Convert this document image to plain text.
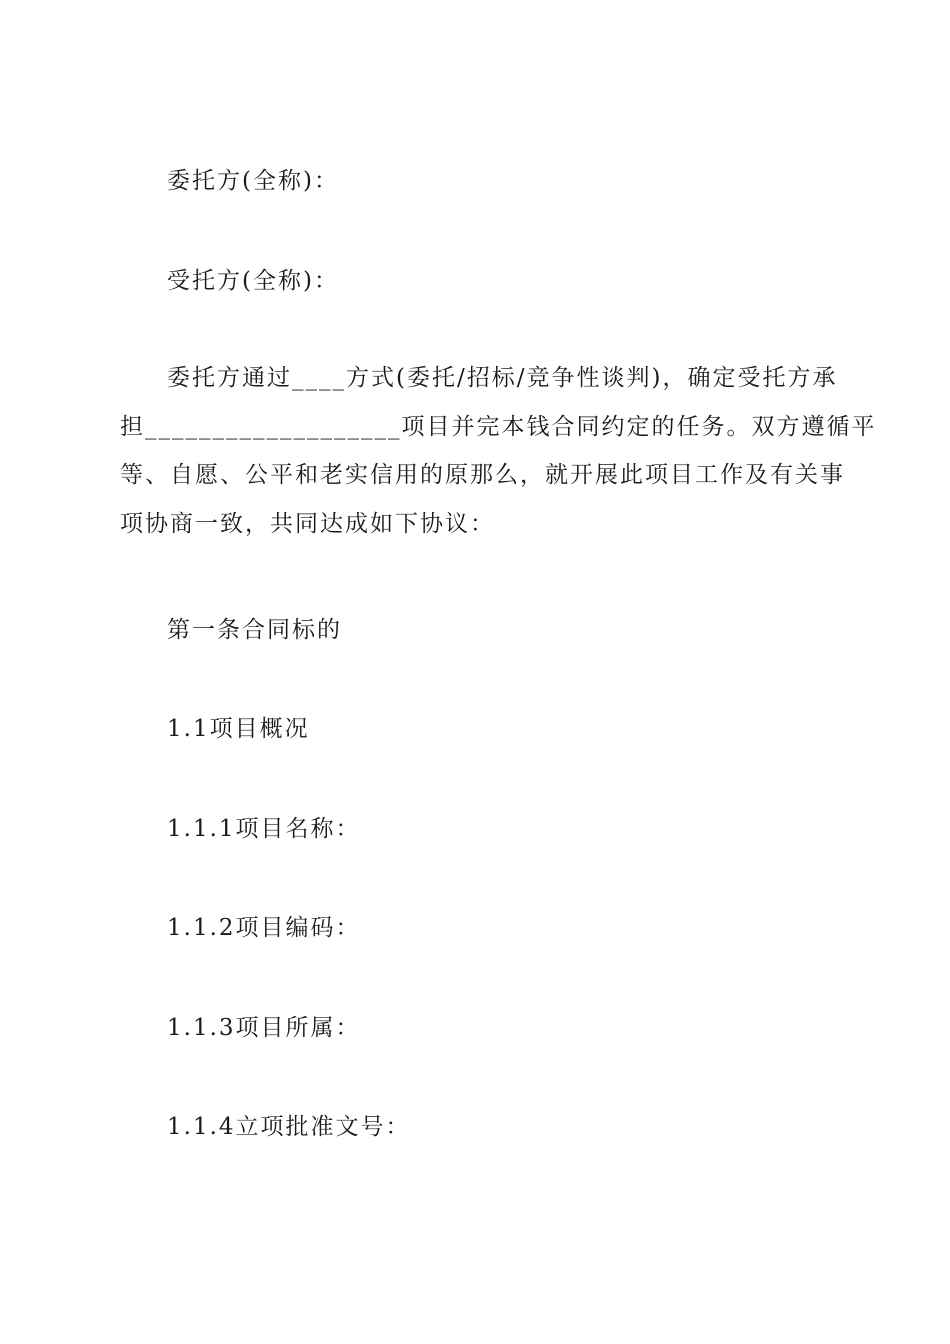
委托方(全称)：
受托方(全称)：
委托方通过____方式(委托/招标/竞争性谈判)，确定受托方承
担___________________项目并完本钱合同约定的任务。双方遵循平
等、自愿、公平和老实信用的原那么，就开展此项目工作及有关事
项协商一致，共同达成如下协议：
第一条合同标的
1.1项目概况
1.1.1项目名称：
1.1.2项目编码：
1.1.3项目所属：
1.1.4立项批准文号：
